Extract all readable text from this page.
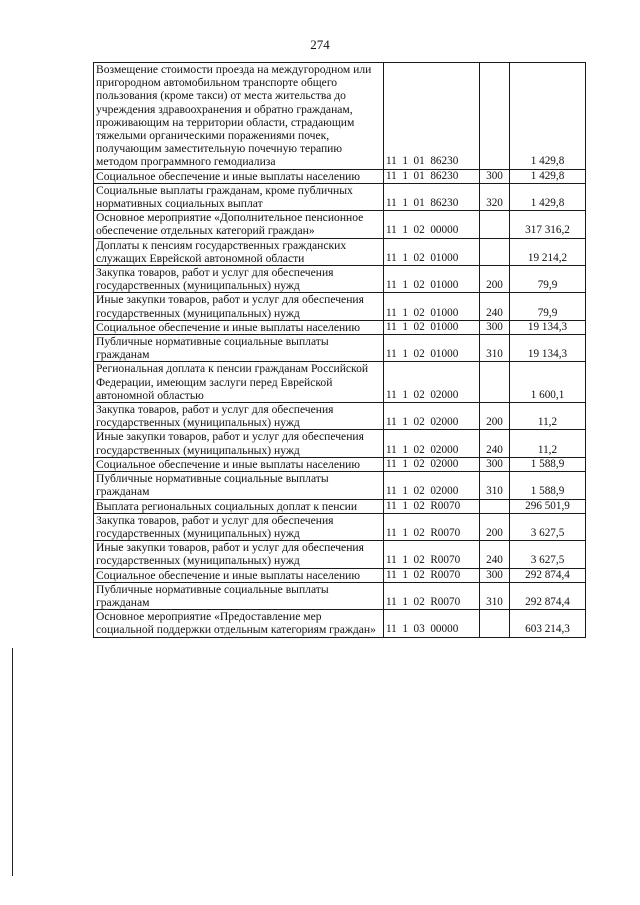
274
Возмещение стоимости проезда на междугородном или пригородном автомобильном транспорте общего пользования (кроме такси) от места жительства до учреждения здравоохранения и обратно гражданам, проживающим на территории области, страдающим тяжелыми органическими поражениями почек, получающим заместительную почечную терапию методом программного гемодиализа	11  1  01  86230		1 429,8
Социальное обеспечение и иные выплаты населению	11  1  01  86230	300	1 429,8
Социальные выплаты гражданам, кроме публичных нормативных социальных выплат	11  1  01  86230	320	1 429,8
Основное мероприятие «Дополнительное пенсионное обеспечение отдельных категорий граждан»	11  1  02  00000		317 316,2
Доплаты к пенсиям государственных гражданских служащих Еврейской автономной области	11  1  02  01000		19 214,2
Закупка товаров, работ и услуг для обеспечения государственных (муниципальных) нужд	11  1  02  01000	200	79,9
Иные закупки товаров, работ и услуг для обеспечения государственных (муниципальных) нужд	11  1  02  01000	240	79,9
Социальное обеспечение и иные выплаты населению	11  1  02  01000	300	19 134,3
Публичные нормативные социальные выплаты гражданам	11  1  02  01000	310	19 134,3
Региональная доплата к пенсии гражданам Российской Федерации, имеющим заслуги перед Еврейской автономной областью	11  1  02  02000		1 600,1
Закупка товаров, работ и услуг для обеспечения государственных (муниципальных) нужд	11  1  02  02000	200	11,2
Иные закупки товаров, работ и услуг для обеспечения государственных (муниципальных) нужд	11  1  02  02000	240	11,2
Социальное обеспечение и иные выплаты населению	11  1  02  02000	300	1 588,9
Публичные нормативные социальные выплаты гражданам	11  1  02  02000	310	1 588,9
Выплата региональных социальных доплат к пенсии	11  1  02  R0070		296 501,9
Закупка товаров, работ и услуг для обеспечения государственных (муниципальных) нужд	11  1  02  R0070	200	3 627,5
Иные закупки товаров, работ и услуг для обеспечения государственных (муниципальных) нужд	11  1  02  R0070	240	3 627,5
Социальное обеспечение и иные выплаты населению	11  1  02  R0070	300	292 874,4
Публичные нормативные социальные выплаты гражданам	11  1  02  R0070	310	292 874,4
Основное мероприятие «Предоставление мер социальной поддержки отдельным категориям граждан»	11  1  03  00000		603 214,3
